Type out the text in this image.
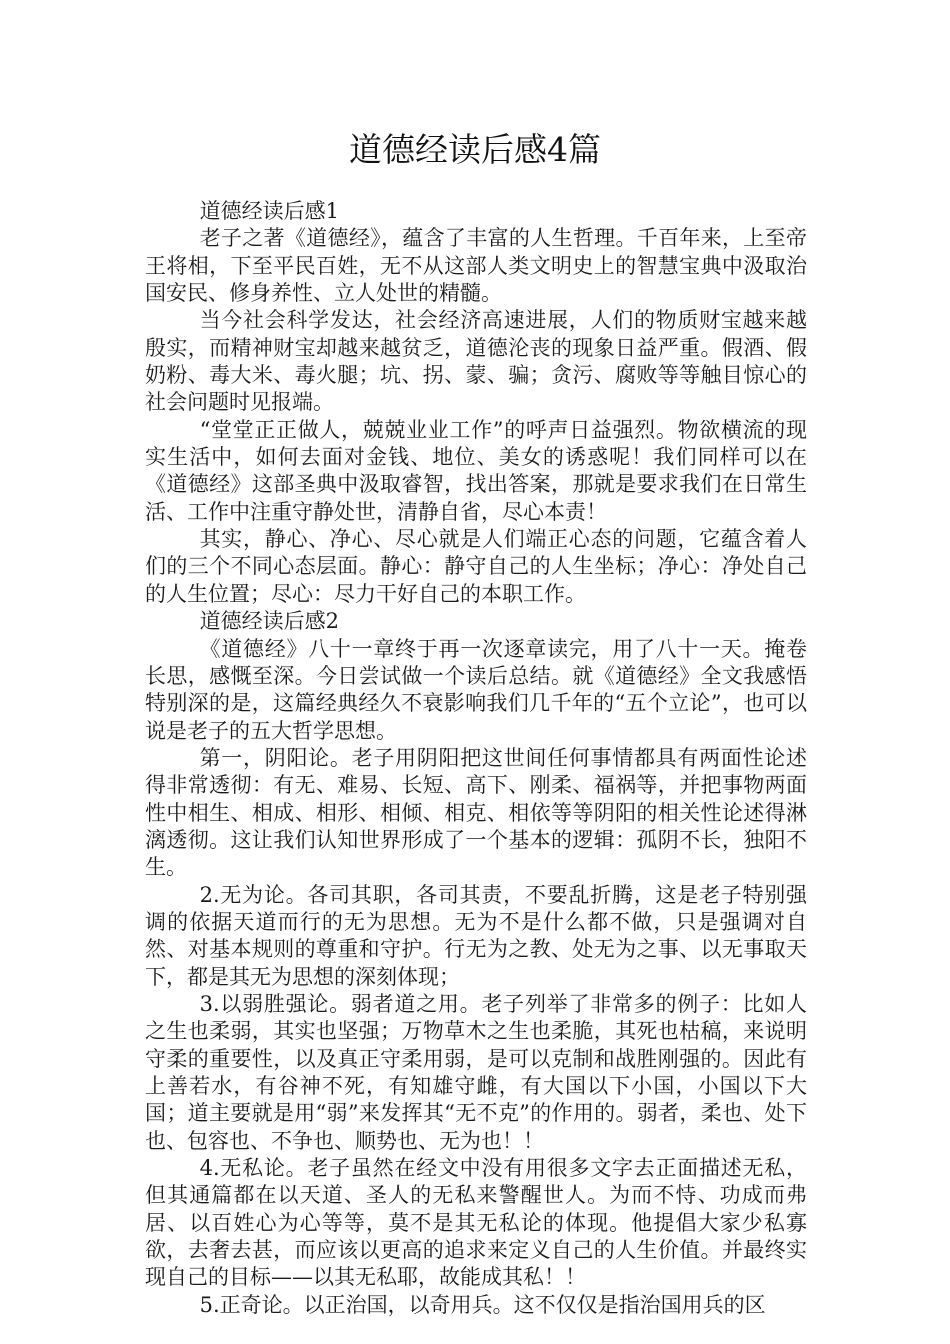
道德经读后感4篇

道德经读后感1

老子之著《道德经》，蕴含了丰富的人生哲理。千百年来，上至帝王将相，下至平民百姓，无不从这部人类文明史上的智慧宝典中汲取治国安民、修身养性、立人处世的精髓。

当今社会科学发达，社会经济高速进展，人们的物质财宝越来越殷实，而精神财宝却越来越贫乏，道德沦丧的现象日益严重。假酒、假奶粉、毒大米、毒火腿；坑、拐、蒙、骗；贪污、腐败等等触目惊心的社会问题时见报端。

“堂堂正正做人，兢兢业业工作”的呼声日益强烈。物欲横流的现实生活中，如何去面对金钱、地位、美女的诱惑呢！我们同样可以在《道德经》这部圣典中汲取睿智，找出答案，那就是要求我们在日常生活、工作中注重守静处世，清静自省，尽心本责！

其实，静心、净心、尽心就是人们端正心态的问题，它蕴含着人们的三个不同心态层面。静心：静守自己的人生坐标；净心：净处自己的人生位置；尽心：尽力干好自己的本职工作。

道德经读后感2

《道德经》八十一章终于再一次逐章读完，用了八十一天。掩卷长思，感慨至深。今日尝试做一个读后总结。就《道德经》全文我感悟特别深的是，这篇经典经久不衰影响我们几千年的“五个立论”，也可以说是老子的五大哲学思想。

第一，阴阳论。老子用阴阳把这世间任何事情都具有两面性论述得非常透彻：有无、难易、长短、高下、刚柔、福祸等，并把事物两面性中相生、相成、相形、相倾、相克、相依等等阴阳的相关性论述得淋漓透彻。这让我们认知世界形成了一个基本的逻辑：孤阴不长，独阳不生。

2.无为论。各司其职，各司其责，不要乱折腾，这是老子特别强调的依据天道而行的无为思想。无为不是什么都不做，只是强调对自然、对基本规则的尊重和守护。行无为之教、处无为之事、以无事取天下，都是其无为思想的深刻体现；

3.以弱胜强论。弱者道之用。老子列举了非常多的例子：比如人之生也柔弱，其实也坚强；万物草木之生也柔脆，其死也枯稿，来说明守柔的重要性，以及真正守柔用弱，是可以克制和战胜刚强的。因此有上善若水，有谷神不死，有知雄守雌，有大国以下小国，小国以下大国；道主要就是用“弱”来发挥其“无不克”的作用的。弱者，柔也、处下也、包容也、不争也、顺势也、无为也！！

4.无私论。老子虽然在经文中没有用很多文字去正面描述无私，但其通篇都在以天道、圣人的无私来警醒世人。为而不恃、功成而弗居、以百姓心为心等等，莫不是其无私论的体现。他提倡大家少私寡欲，去奢去甚，而应该以更高的追求来定义自己的人生价值。并最终实现自己的目标——以其无私耶，故能成其私！！

5.正奇论。以正治国，以奇用兵。这不仅仅是指治国用兵的区
